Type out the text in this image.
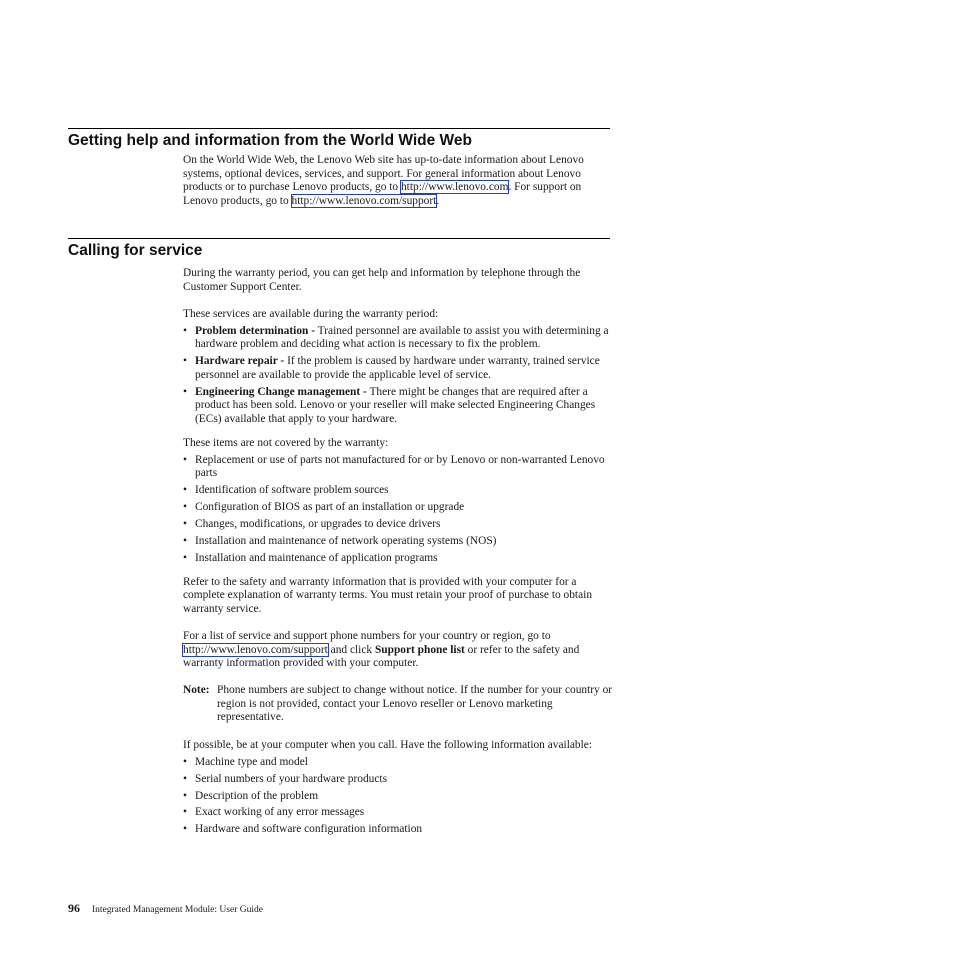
Getting help and information from the World Wide Web

On the World Wide Web, the Lenovo Web site has up-to-date information about Lenovo systems, optional devices, services, and support. For general information about Lenovo products or to purchase Lenovo products, go to http://www.lenovo.com. For support on Lenovo products, go to http://www.lenovo.com/support.

Calling for service

During the warranty period, you can get help and information by telephone through the Customer Support Center.

These services are available during the warranty period:

• Problem determination - Trained personnel are available to assist you with determining a hardware problem and deciding what action is necessary to fix the problem.
• Hardware repair - If the problem is caused by hardware under warranty, trained service personnel are available to provide the applicable level of service.
• Engineering Change management - There might be changes that are required after a product has been sold. Lenovo or your reseller will make selected Engineering Changes (ECs) available that apply to your hardware.

These items are not covered by the warranty:

• Replacement or use of parts not manufactured for or by Lenovo or non-warranted Lenovo parts
• Identification of software problem sources
• Configuration of BIOS as part of an installation or upgrade
• Changes, modifications, or upgrades to device drivers
• Installation and maintenance of network operating systems (NOS)
• Installation and maintenance of application programs

Refer to the safety and warranty information that is provided with your computer for a complete explanation of warranty terms. You must retain your proof of purchase to obtain warranty service.

For a list of service and support phone numbers for your country or region, go to http://www.lenovo.com/support and click Support phone list or refer to the safety and warranty information provided with your computer.

Note: Phone numbers are subject to change without notice. If the number for your country or region is not provided, contact your Lenovo reseller or Lenovo marketing representative.

If possible, be at your computer when you call. Have the following information available:

• Machine type and model
• Serial numbers of your hardware products
• Description of the problem
• Exact working of any error messages
• Hardware and software configuration information
96 Integrated Management Module: User Guide
